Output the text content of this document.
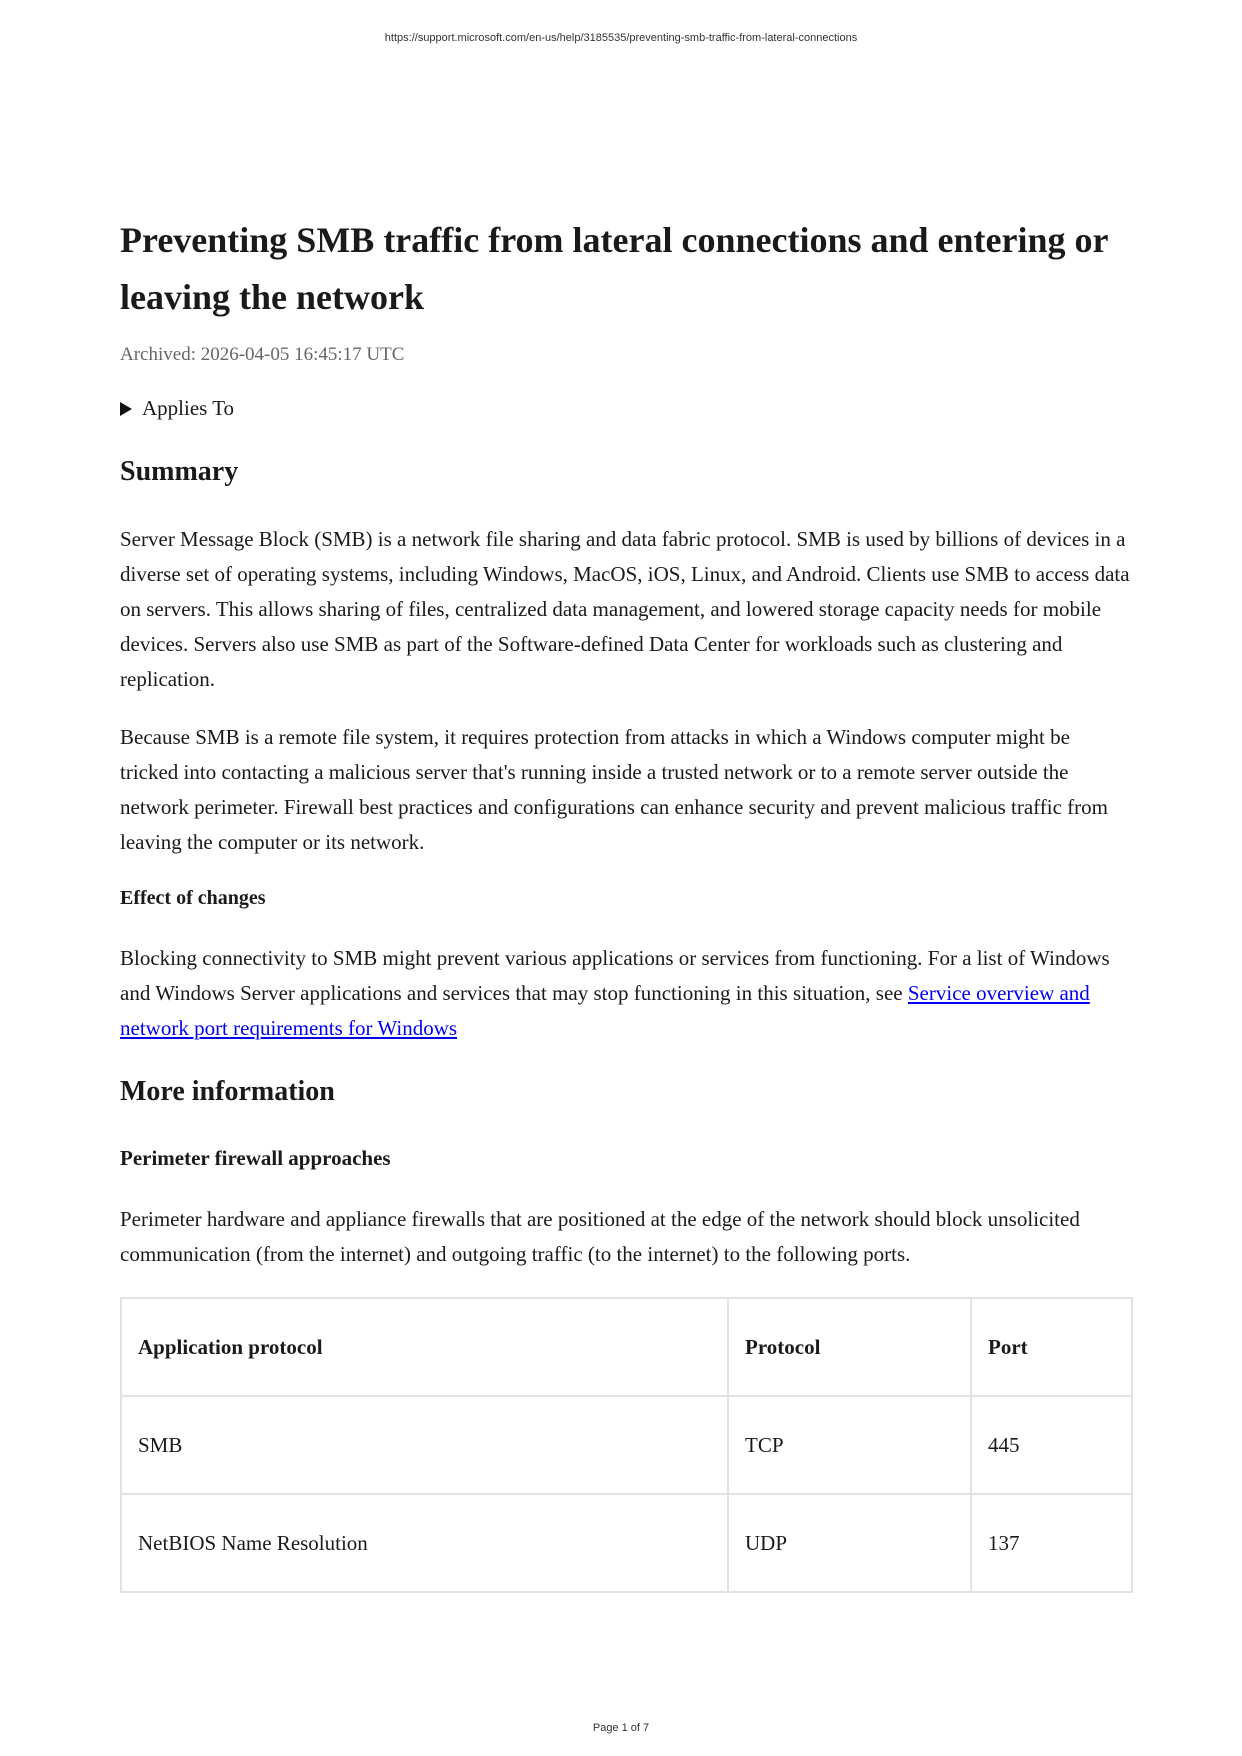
https://support.microsoft.com/en-us/help/3185535/preventing-smb-traffic-from-lateral-connections
Preventing SMB traffic from lateral connections and entering or leaving the network
Archived: 2026-04-05 16:45:17 UTC
Applies To
Summary

Server Message Block (SMB) is a network file sharing and data fabric protocol. SMB is used by billions of devices in a diverse set of operating systems, including Windows, MacOS, iOS, Linux, and Android. Clients use SMB to access data on servers. This allows sharing of files, centralized data management, and lowered storage capacity needs for mobile devices. Servers also use SMB as part of the Software-defined Data Center for workloads such as clustering and replication.

Because SMB is a remote file system, it requires protection from attacks in which a Windows computer might be tricked into contacting a malicious server that's running inside a trusted network or to a remote server outside the network perimeter. Firewall best practices and configurations can enhance security and prevent malicious traffic from leaving the computer or its network.

Effect of changes

Blocking connectivity to SMB might prevent various applications or services from functioning. For a list of Windows and Windows Server applications and services that may stop functioning in this situation, see Service overview and network port requirements for Windows

More information
Perimeter firewall approaches

Perimeter hardware and appliance firewalls that are positioned at the edge of the network should block unsolicited communication (from the internet) and outgoing traffic (to the internet) to the following ports.

Application protocol	Protocol	Port
SMB	TCP	445
NetBIOS Name Resolution	UDP	137
Page 1 of 7
